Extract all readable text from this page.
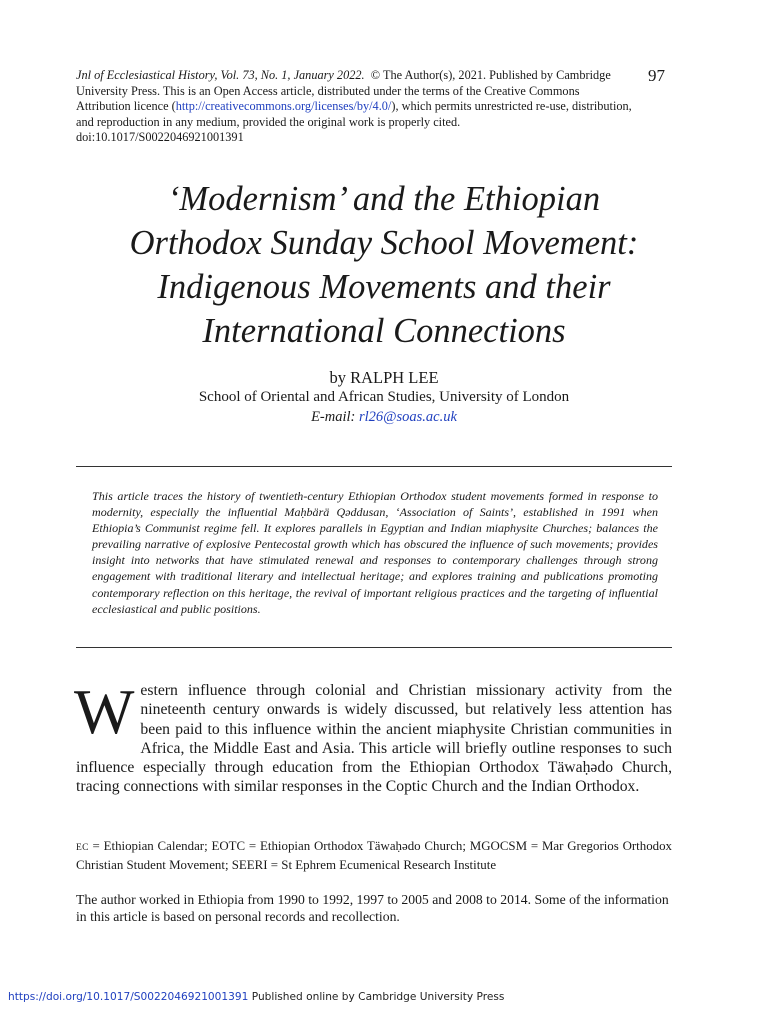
Jnl of Ecclesiastical History, Vol. 73, No. 1, January 2022. © The Author(s), 2021. Published by Cambridge University Press. This is an Open Access article, distributed under the terms of the Creative Commons Attribution licence (http://creativecommons.org/licenses/by/4.0/), which permits unrestricted re-use, distribution, and reproduction in any medium, provided the original work is properly cited.
doi:10.1017/S0022046921001391
97
‘Modernism’ and the Ethiopian
Orthodox Sunday School Movement:
Indigenous Movements and their
International Connections
by RALPH LEE
School of Oriental and African Studies, University of London
E-mail: rl26@soas.ac.uk
This article traces the history of twentieth-century Ethiopian Orthodox student movements formed in response to modernity, especially the influential Maḥbärä Qəddusan, ‘Association of Saints’, established in 1991 when Ethiopia’s Communist regime fell. It explores parallels in Egyptian and Indian miaphysite Churches; balances the prevailing narrative of explosive Pentecostal growth which has obscured the influence of such movements; provides insight into networks that have stimulated renewal and responses to contemporary challenges through strong engagement with traditional literary and intellectual heritage; and explores training and publications promoting contemporary reflection on this heritage, the revival of important religious practices and the targeting of influential ecclesiastical and public positions.
Western influence through colonial and Christian missionary activity from the nineteenth century onwards is widely discussed, but relatively less attention has been paid to this influence within the ancient miaphysite Christian communities in Africa, the Middle East and Asia. This article will briefly outline responses to such influence especially through education from the Ethiopian Orthodox Täwaḥədo Church, tracing connections with similar responses in the Coptic Church and the Indian Orthodox.
EC = Ethiopian Calendar; EOTC = Ethiopian Orthodox Täwaḥədo Church; MGOCSM = Mar Gregorios Orthodox Christian Student Movement; SEERI = St Ephrem Ecumenical Research Institute
The author worked in Ethiopia from 1990 to 1992, 1997 to 2005 and 2008 to 2014. Some of the information in this article is based on personal records and recollection.
https://doi.org/10.1017/S0022046921001391 Published online by Cambridge University Press
